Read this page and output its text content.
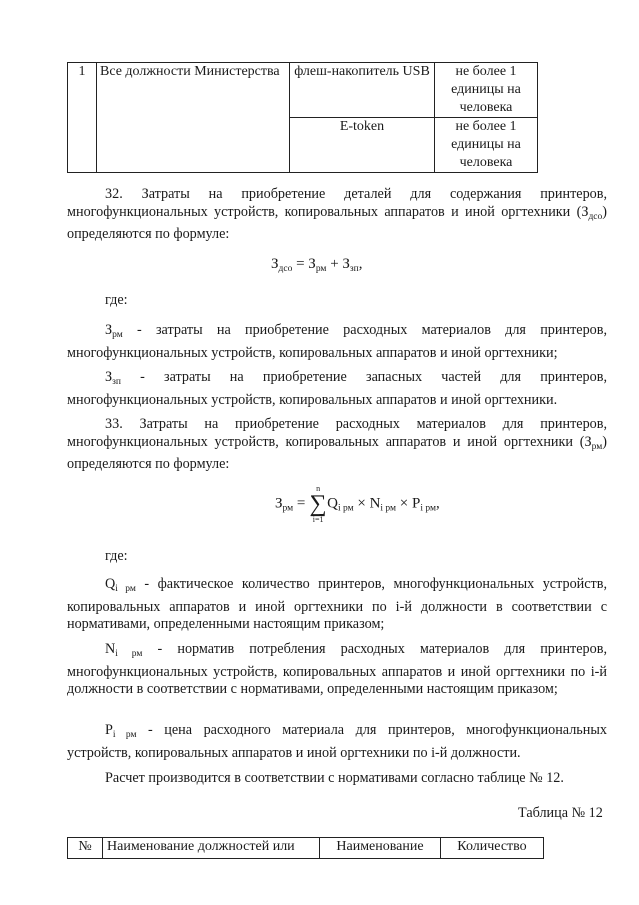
1	Все должности Министерства	флеш-накопитель USB	не более 1 единицы на человека
		E-token	не более 1 единицы на человека

32. Затраты на приобретение деталей для содержания принтеров, многофункциональных устройств, копировальных аппаратов и иной оргтехники $(З_{дсо})$ определяются по формуле:

$З_{дсо} = З_{рм} + З_{зп}$,
где:

$З_{рм}$ - затраты на приобретение расходных материалов для принтеров, многофункциональных устройств, копировальных аппаратов и иной оргтехники;

$З_{зп}$ - затраты на приобретение запасных частей для принтеров, многофункциональных устройств, копировальных аппаратов и иной оргтехники.

33. Затраты на приобретение расходных материалов для принтеров, многофункциональных устройств, копировальных аппаратов и иной оргтехники $(З_{рм})$ определяются по формуле:

$З_{рм}$ =
n
∑
i=1
$Q_{i рм} \times N_{i рм} \times P_{i рм}$,
где:

$Q_{i рм}$ - фактическое количество принтеров, многофункциональных устройств, копировальных аппаратов и иной оргтехники по i-й должности в соответствии с нормативами, определенными настоящим приказом;

$N_{i рм}$ - норматив потребления расходных материалов для принтеров, многофункциональных устройств, копировальных аппаратов и иной оргтехники по i-й должности в соответствии с нормативами, определенными настоящим приказом;

$P_{i рм}$ - цена расходного материала для принтеров, многофункциональных устройств, копировальных аппаратов и иной оргтехники по i-й должности.

Расчет производится в соответствии с нормативами согласно таблице № 12.

Таблица № 12
№	Наименование должностей или	Наименование	Количество
